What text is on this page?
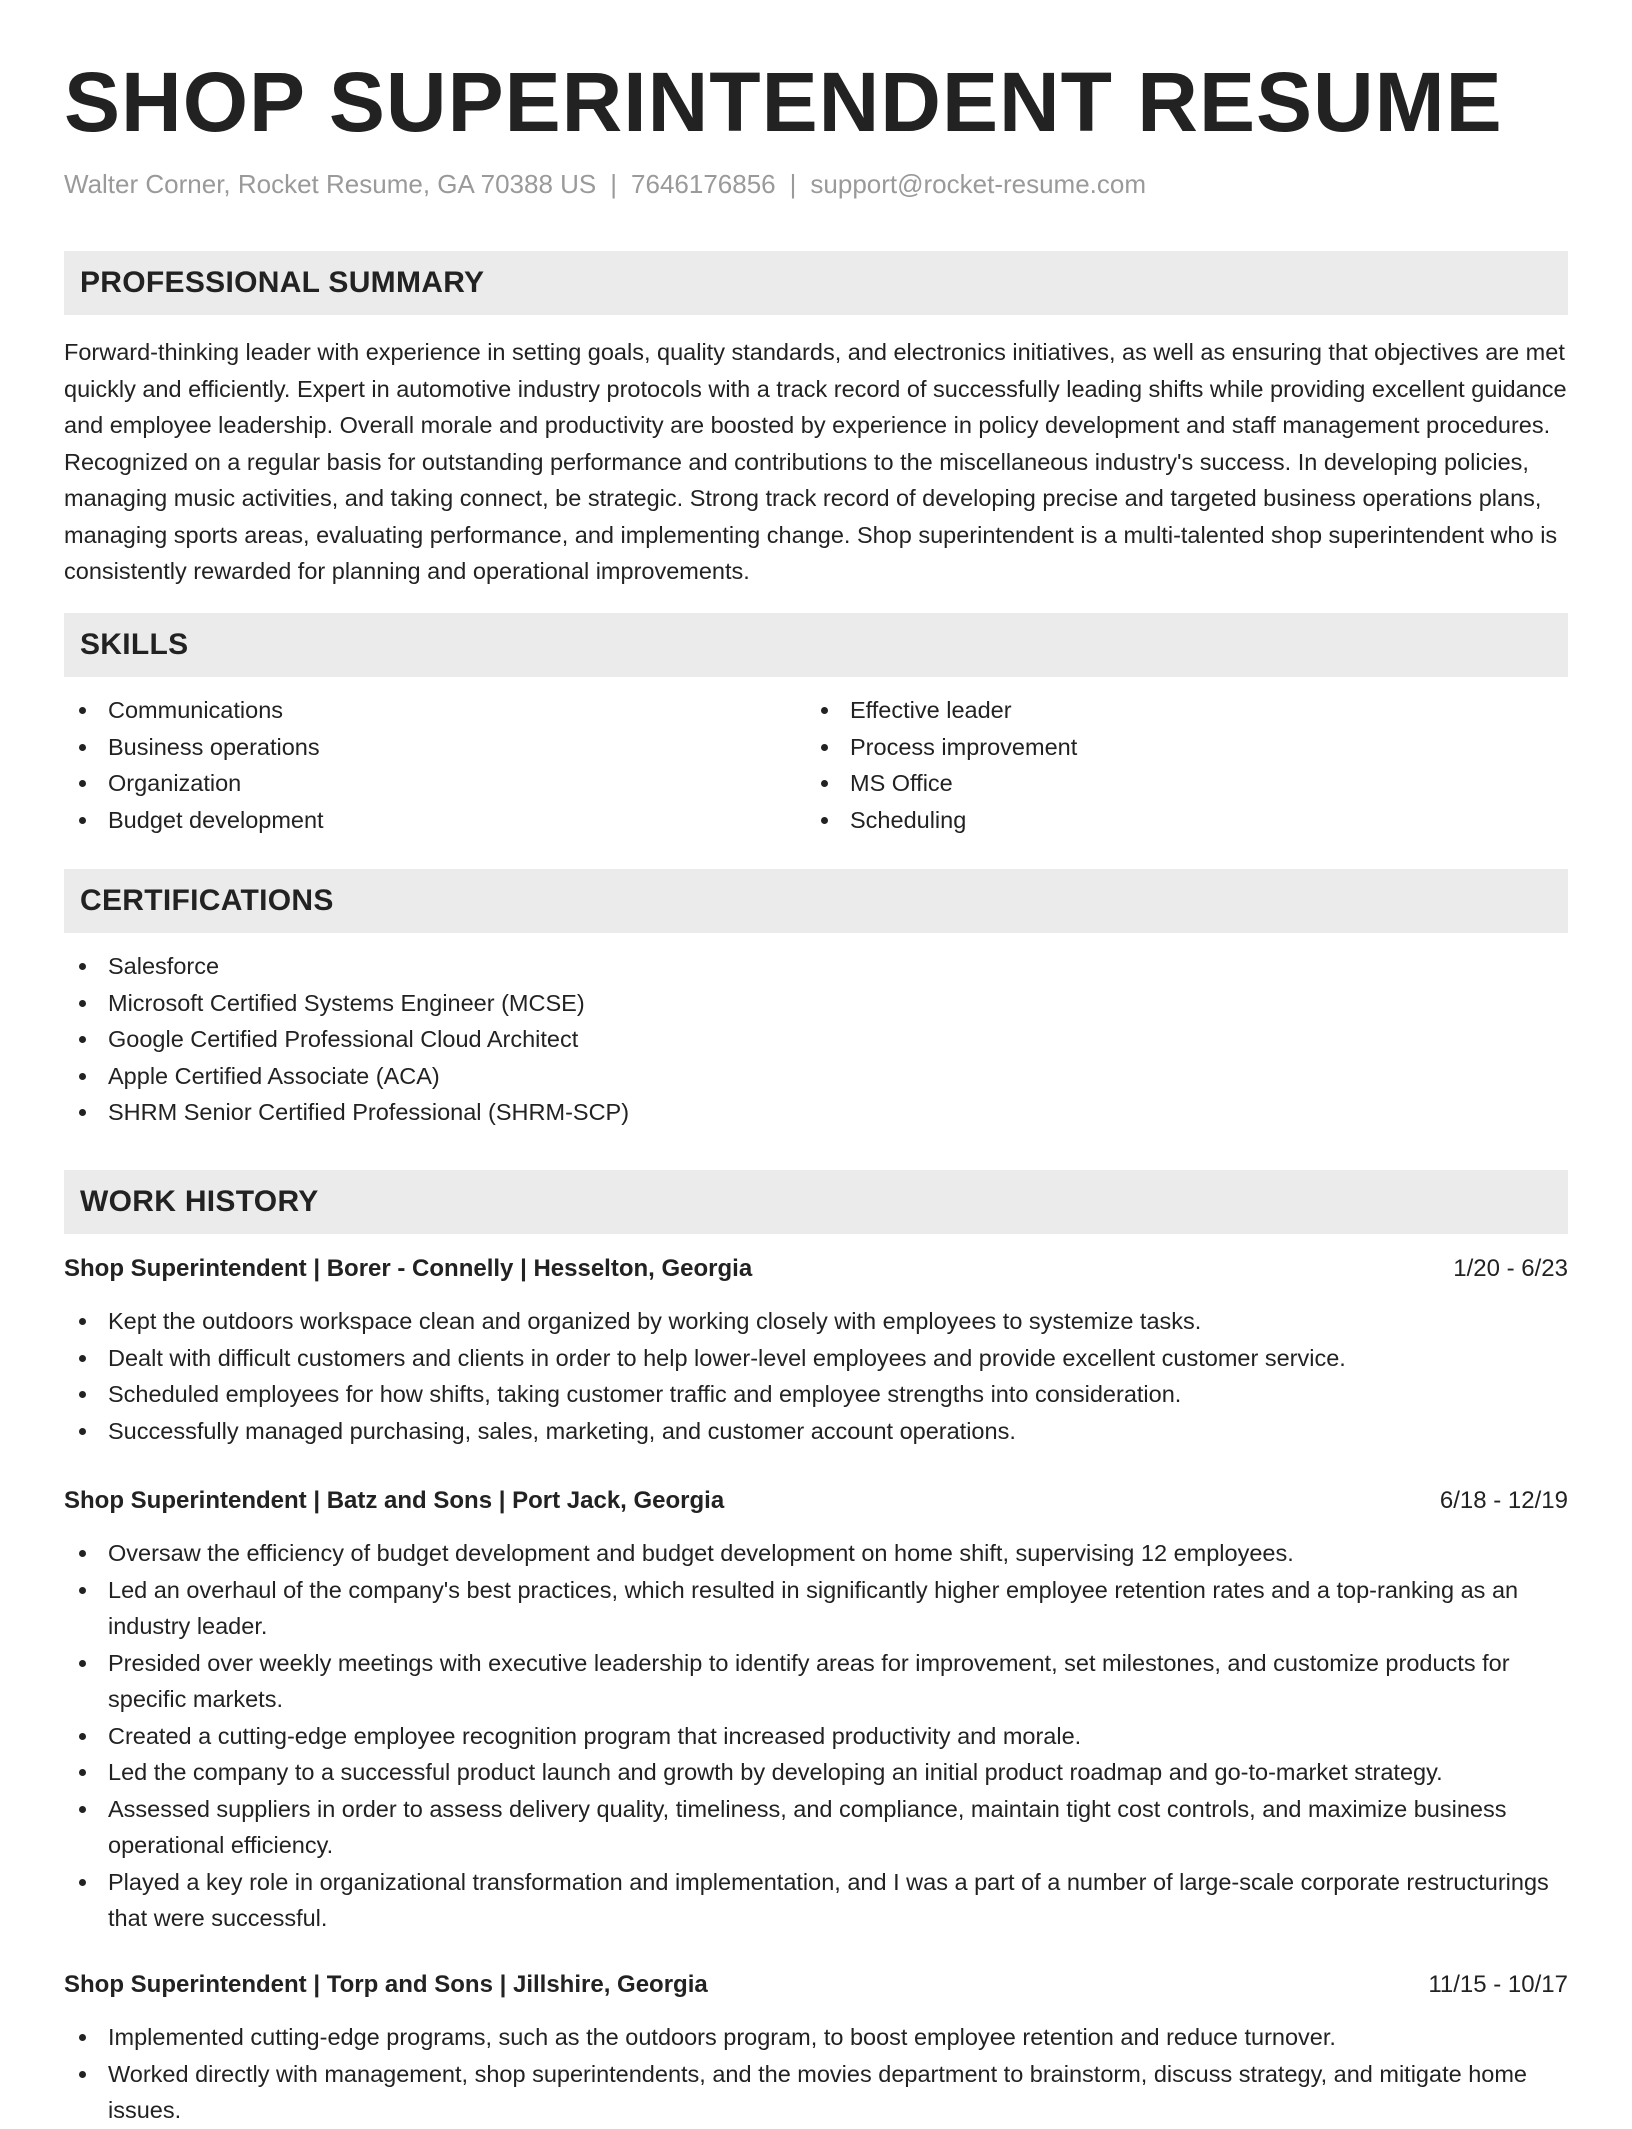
SHOP SUPERINTENDENT RESUME
Walter Corner, Rocket Resume, GA 70388 US | 7646176856 | support@rocket-resume.com
PROFESSIONAL SUMMARY

Forward-thinking leader with experience in setting goals, quality standards, and electronics initiatives, as well as ensuring that objectives are met quickly and efficiently. Expert in automotive industry protocols with a track record of successfully leading shifts while providing excellent guidance and employee leadership. Overall morale and productivity are boosted by experience in policy development and staff management procedures. Recognized on a regular basis for outstanding performance and contributions to the miscellaneous industry's success. In developing policies, managing music activities, and taking connect, be strategic. Strong track record of developing precise and targeted business operations plans, managing sports areas, evaluating performance, and implementing change. Shop superintendent is a multi-talented shop superintendent who is consistently rewarded for planning and operational improvements.

SKILLS
Communications
Business operations
Organization
Budget development
Effective leader
Process improvement
MS Office
Scheduling
CERTIFICATIONS
Salesforce
Microsoft Certified Systems Engineer (MCSE)
Google Certified Professional Cloud Architect
Apple Certified Associate (ACA)
SHRM Senior Certified Professional (SHRM-SCP)
WORK HISTORY
Shop Superintendent | Borer - Connelly | Hesselton, Georgia	1/20 - 6/23
Kept the outdoors workspace clean and organized by working closely with employees to systemize tasks.
Dealt with difficult customers and clients in order to help lower-level employees and provide excellent customer service.
Scheduled employees for how shifts, taking customer traffic and employee strengths into consideration.
Successfully managed purchasing, sales, marketing, and customer account operations.
Shop Superintendent | Batz and Sons | Port Jack, Georgia	6/18 - 12/19
Oversaw the efficiency of budget development and budget development on home shift, supervising 12 employees.
Led an overhaul of the company's best practices, which resulted in significantly higher employee retention rates and a top-ranking as an industry leader.
Presided over weekly meetings with executive leadership to identify areas for improvement, set milestones, and customize products for specific markets.
Created a cutting-edge employee recognition program that increased productivity and morale.
Led the company to a successful product launch and growth by developing an initial product roadmap and go-to-market strategy.
Assessed suppliers in order to assess delivery quality, timeliness, and compliance, maintain tight cost controls, and maximize business operational efficiency.
Played a key role in organizational transformation and implementation, and I was a part of a number of large-scale corporate restructurings that were successful.
Shop Superintendent | Torp and Sons | Jillshire, Georgia	11/15 - 10/17
Implemented cutting-edge programs, such as the outdoors program, to boost employee retention and reduce turnover.
Worked directly with management, shop superintendents, and the movies department to brainstorm, discuss strategy, and mitigate home issues.
